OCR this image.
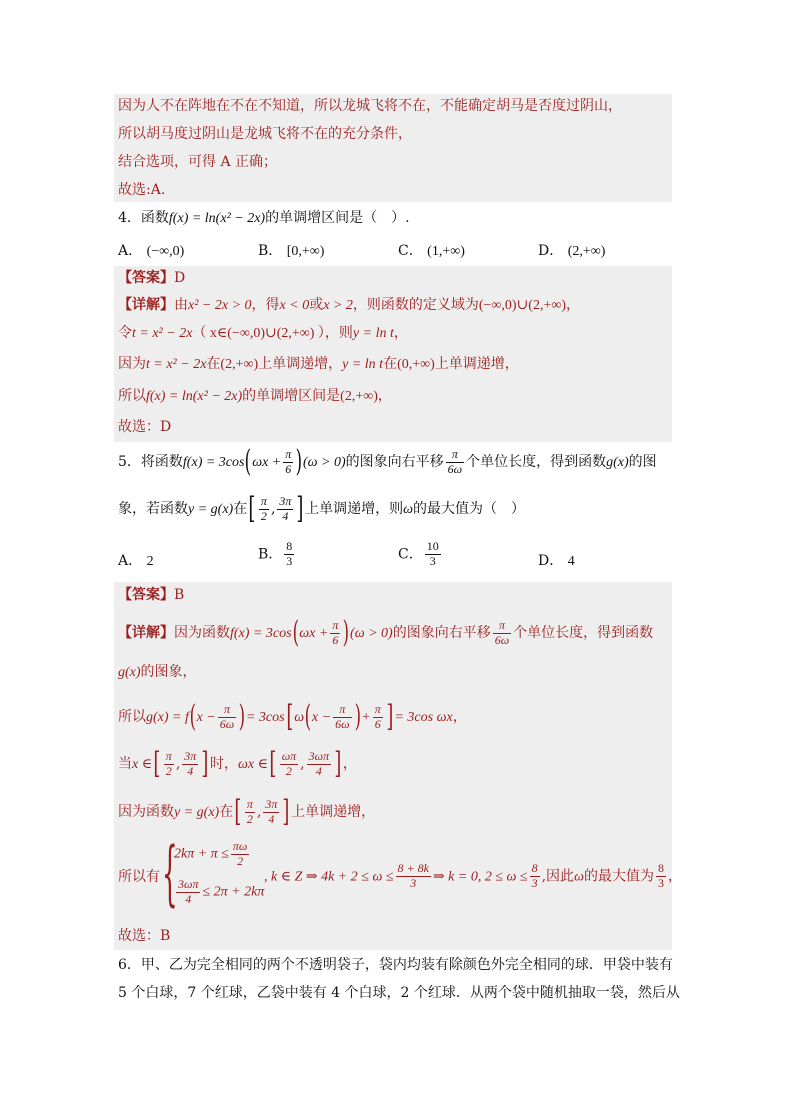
因为人不在阵地在不在不知道，所以龙城飞将不在，不能确定胡马是否度过阴山，
所以胡马度过阴山是龙城飞将不在的充分条件，
结合选项，可得 A 正确；
故选:A.
4．函数f(x) = ln(x² − 2x)的单调增区间是（　）.
A． (−∞,0)	B． [0,+∞)	C． (1,+∞)	D． (2,+∞)
【答案】D
【详解】由x² − 2x > 0，得x < 0或x > 2，则函数的定义域为(−∞,0)∪(2,+∞)，
令t = x² − 2x（ x∈(−∞,0)∪(2,+∞) ），则y = ln t，
因为t = x² − 2x在(2,+∞)上单调递增，y = ln t在(0,+∞)上单调递增，
所以f(x) = ln(x² − 2x)的单调增区间是(2,+∞)，
故选：D
5．将函数$f(x) = 3\cos(\omega x + \frac{\pi}{6} )(\omega > 0)$的图象向右平移 $\frac{\pi}{6\omega}$ 个单位长度，得到函数g(x)的图
象，若函数y = g(x)在[ $\frac{\pi}{2}$ , $\frac{3\pi}{4}$ ]上单调递增，则ω的最大值为（　）
A． 2	B． $\frac{8}{3}$	C． $\frac{10}{3}$	D． 4
【答案】B
【详解】因为函数$f(x) = 3\cos(\omega x + \frac{\pi}{6} )(\omega > 0)$的图象向右平移 $\frac{\pi}{6\omega}$ 个单位长度，得到函数
g(x)的图象，
所以$g(x) = f(x - \frac{\pi}{6\omega}$ )= $3\cos[\omega(x - \frac{\pi}{6\omega}$ )+ $\frac{\pi}{6}$ ]= 3cos ωx，
当x ∈[ $\frac{\pi}{2}$ , $\frac{3\pi}{4}$ ]时，ωx ∈[ $\frac{\omega\pi}{2}$ , $\frac{3\omega\pi}{4}$ ]，
因为函数y = g(x)在[ $\frac{\pi}{2}$ , $\frac{3\pi}{4}$ ]上单调递增，
所以有 {
$2k\pi + \pi \le \frac{\pi\omega}{2}$
$\frac{3\omega\pi}{4} \le 2\pi + 2k\pi$
, k ∈ Z ⇒ $4k + 2 \le \omega \le \frac{8 + 8k}{3}$ ⇒ k = 0, $2 \le \omega \le \frac{8}{3}$ ,因此ω的最大值为 $\frac{8}{3}$ ，
故选：B
6．甲、乙为完全相同的两个不透明袋子，袋内均装有除颜色外完全相同的球．甲袋中装有
5 个白球，7 个红球，乙袋中装有 4 个白球，2 个红球．从两个袋中随机抽取一袋，然后从
